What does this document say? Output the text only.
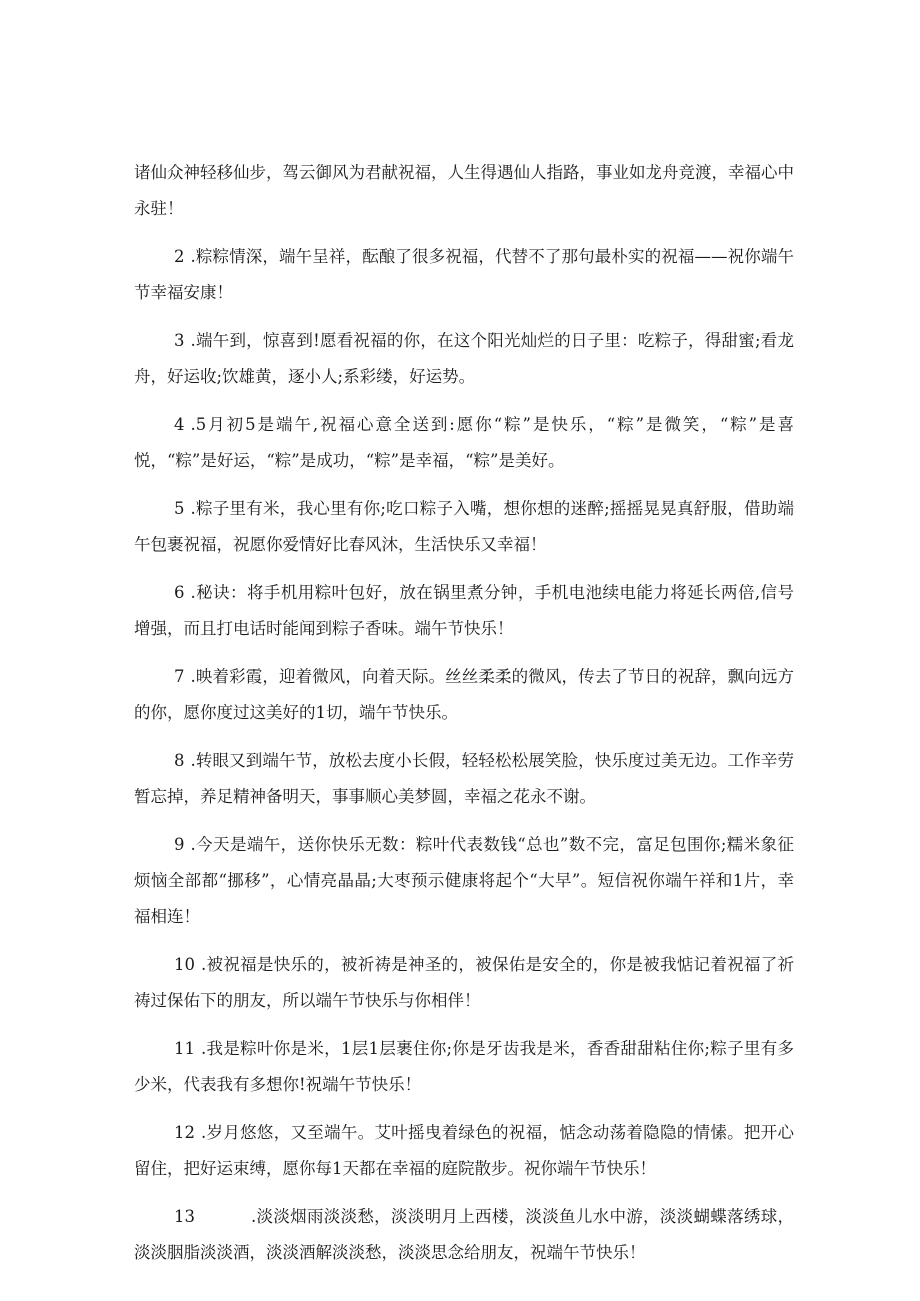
诸仙众神轻移仙步，驾云御风为君献祝福，人生得遇仙人指路，事业如龙舟竞渡，幸福心中永驻！

2 .粽粽情深，端午呈祥，酝酿了很多祝福，代替不了那句最朴实的祝福——祝你端午节幸福安康！

3 .端午到，惊喜到!愿看祝福的你，在这个阳光灿烂的日子里：吃粽子，得甜蜜;看龙舟，好运收;饮雄黄，逐小人;系彩缕，好运势。

4 .5月初5是端午,祝福心意全送到:愿你“粽”是快乐，“粽”是微笑，“粽”是喜悦，“粽”是好运，“粽”是成功，“粽”是幸福，“粽”是美好。

5 .粽子里有米，我心里有你;吃口粽子入嘴，想你想的迷醉;摇摇晃晃真舒服，借助端午包裹祝福，祝愿你爱情好比春风沐，生活快乐又幸福！

6 .秘诀：将手机用粽叶包好，放在锅里煮分钟，手机电池续电能力将延长两倍,信号增强，而且打电话时能闻到粽子香味。端午节快乐！

7 .映着彩霞，迎着微风，向着天际。丝丝柔柔的微风，传去了节日的祝辞，飘向远方的你，愿你度过这美好的1切，端午节快乐。

8 .转眼又到端午节，放松去度小长假，轻轻松松展笑脸，快乐度过美无边。工作辛劳暂忘掉，养足精神备明天，事事顺心美梦圆，幸福之花永不谢。

9 .今天是端午，送你快乐无数：粽叶代表数钱“总也”数不完，富足包围你;糯米象征烦恼全部都“挪移”，心情亮晶晶;大枣预示健康将起个“大早”。短信祝你端午祥和1片，幸福相连！

10 .被祝福是快乐的，被祈祷是神圣的，被保佑是安全的，你是被我惦记着祝福了祈祷过保佑下的朋友，所以端午节快乐与你相伴！

11 .我是粽叶你是米，1层1层裹住你;你是牙齿我是米，香香甜甜粘住你;粽子里有多少米，代表我有多想你!祝端午节快乐！

12 .岁月悠悠，又至端午。艾叶摇曳着绿色的祝福，惦念动荡着隐隐的情愫。把开心留住，把好运束缚，愿你每1天都在幸福的庭院散步。祝你端午节快乐！

13	.淡淡烟雨淡淡愁，淡淡明月上西楼，淡淡鱼儿水中游，淡淡蝴蝶落绣球，淡淡胭脂淡淡酒，淡淡酒解淡淡愁，淡淡思念给朋友，祝端午节快乐！
